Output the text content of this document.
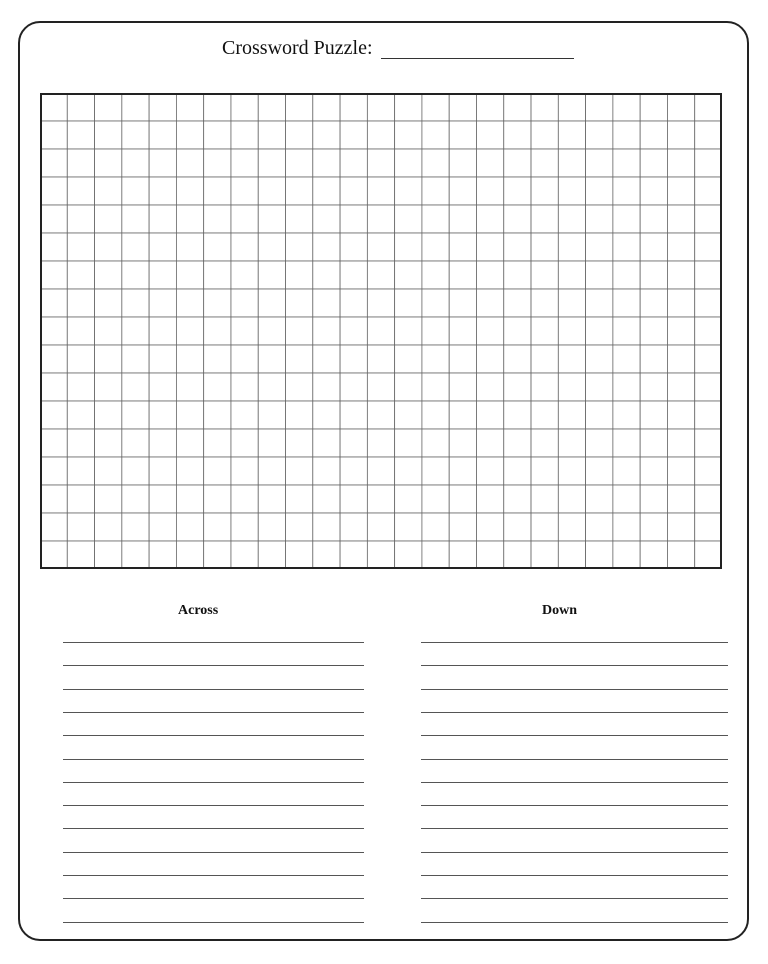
Crossword Puzzle:
Across	Down
